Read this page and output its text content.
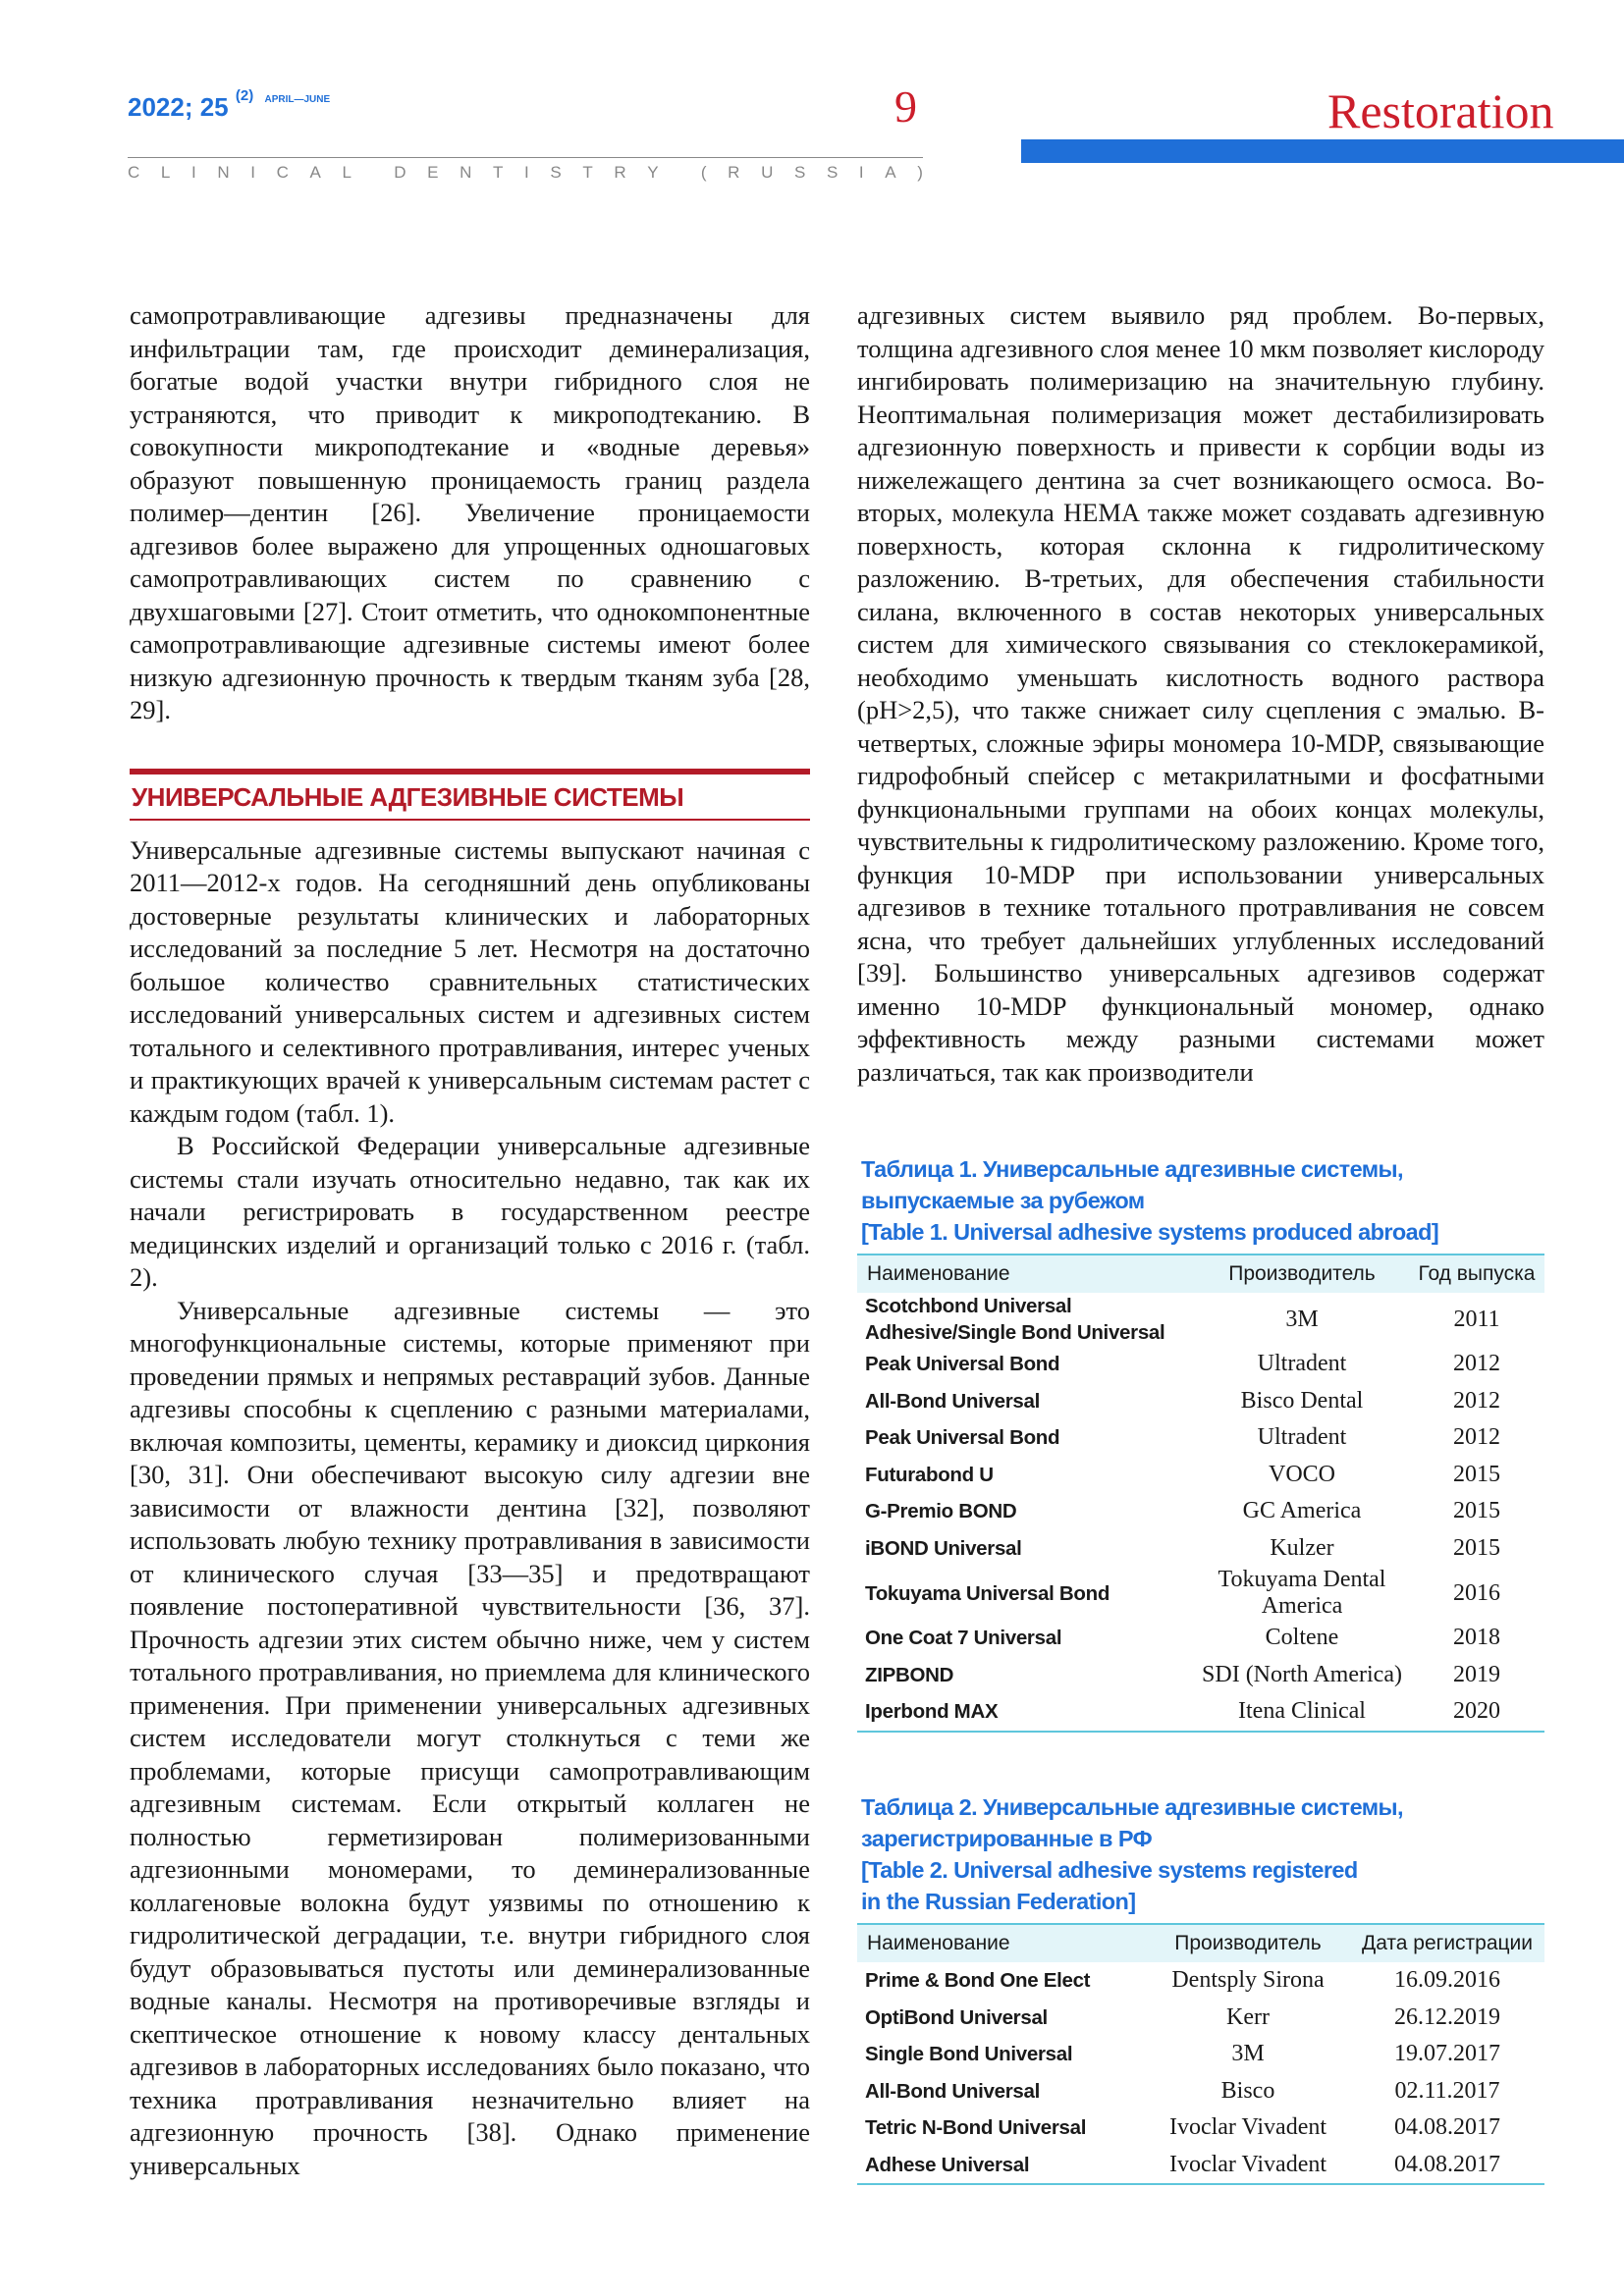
2022; 25 $^{(2)}$ $^{APRIL—JUNE}$	9
C L I N I C A L	D E N T I S T R Y	( R U S S I A )
Restoration

самопротравливающие адгезивы предназначены для инфильтрации там, где происходит деминерализация, богатые водой участки внутри гибридного слоя не устраняются, что приводит к микроподтеканию. В совокупности микроподтекание и «водные деревья» образуют повышенную проницаемость границ раздела полимер—дентин [26]. Увеличение проницаемости адгезивов более выражено для упрощенных одношаговых самопротравливающих систем по сравнению с двухшаговыми [27]. Стоит отметить, что однокомпонентные самопротравливающие адгезивные системы имеют более низкую адгезионную прочность к твердым тканям зуба [28, 29].

УНИВЕРСАЛЬНЫЕ АДГЕЗИВНЫЕ СИСТЕМЫ

Универсальные адгезивные системы выпускают начиная с 2011—2012-х годов. На сегодняшний день опубликованы достоверные результаты клинических и лабораторных исследований за последние 5 лет. Несмотря на достаточно большое количество сравнительных статистических исследований универсальных систем и адгезивных систем тотального и селективного протравливания, интерес ученых и практикующих врачей к универсальным системам растет с каждым годом (табл. 1).

В Российской Федерации универсальные адгезивные системы стали изучать относительно недавно, так как их начали регистрировать в государственном реестре медицинских изделий и организаций только с 2016 г. (табл. 2).

Универсальные адгезивные системы — это многофункциональные системы, которые применяют при проведении прямых и непрямых реставраций зубов. Данные адгезивы способны к сцеплению с разными материалами, включая композиты, цементы, керамику и диоксид циркония [30, 31]. Они обеспечивают высокую силу адгезии вне зависимости от влажности дентина [32], позволяют использовать любую технику протравливания в зависимости от клинического случая [33—35] и предотвращают появление постоперативной чувствительности [36, 37]. Прочность адгезии этих систем обычно ниже, чем у систем тотального протравливания, но приемлема для клинического применения. При применении универсальных адгезивных систем исследователи могут столкнуться с теми же проблемами, которые присущи самопротравливающим адгезивным системам. Если открытый коллаген не полностью герметизирован полимеризованными адгезионными мономерами, то деминерализованные коллагеновые волокна будут уязвимы по отношению к гидролитической деградации, т.е. внутри гибридного слоя будут образовываться пустоты или деминерализованные водные каналы. Несмотря на противоречивые взгляды и скептическое отношение к новому классу дентальных адгезивов в лабораторных исследованиях было показано, что техника протравливания незначительно влияет на адгезионную прочность [38]. Однако применение универсальных

адгезивных систем выявило ряд проблем. Во-первых, толщина адгезивного слоя менее 10 мкм позволяет кислороду ингибировать полимеризацию на значительную глубину. Неоптимальная полимеризация может дестабилизировать адгезионную поверхность и привести к сорбции воды из нижележащего дентина за счет возникающего осмоса. Во-вторых, молекула HEMA также может создавать адгезивную поверхность, которая склонна к гидролитическому разложению. В-третьих, для обеспечения стабильности силана, включенного в состав некоторых универсальных систем для химического связывания со стеклокерамикой, необходимо уменьшать кислотность водного раствора (pH>2,5), что также снижает силу сцепления с эмалью. В-четвертых, сложные эфиры мономера 10-MDP, связывающие гидрофобный спейсер с метакрилатными и фосфатными функциональными группами на обоих концах молекулы, чувствительны к гидролитическому разложению. Кроме того, функция 10-MDP при использовании универсальных адгезивов в технике тотального протравливания не совсем ясна, что требует дальнейших углубленных исследований [39]. Большинство универсальных адгезивов содержат именно 10-MDP функциональный мономер, однако эффективность между разными системами может различаться, так как производители

Таблица 1. Универсальные адгезивные системы, выпускаемые за рубежом
[Table 1. Universal adhesive systems produced abroad]
Наименование	Производитель	Год выпуска
Scotchbond Universal Adhesive/Single Bond Universal	3M	2011
Peak Universal Bond	Ultradent	2012
All-Bond Universal	Bisco Dental	2012
Peak Universal Bond	Ultradent	2012
Futurabond U	VOCO	2015
G-Premio BOND	GC America	2015
iBOND Universal	Kulzer	2015
Tokuyama Universal Bond	Tokuyama Dental America	2016
One Coat 7 Universal	Coltene	2018
ZIPBOND	SDI (North America)	2019
Iperbond MAX	Itena Clinical	2020
Таблица 2. Универсальные адгезивные системы, зарегистрированные в РФ
[Table 2. Universal adhesive systems registered in the Russian Federation]
Наименование	Производитель	Дата регистрации
Prime & Bond One Elect	Dentsply Sirona	16.09.2016
OptiBond Universal	Kerr	26.12.2019
Single Bond Universal	3M	19.07.2017
All-Bond Universal	Bisco	02.11.2017
Tetric N-Bond Universal	Ivoclar Vivadent	04.08.2017
Adhese Universal	Ivoclar Vivadent	04.08.2017
